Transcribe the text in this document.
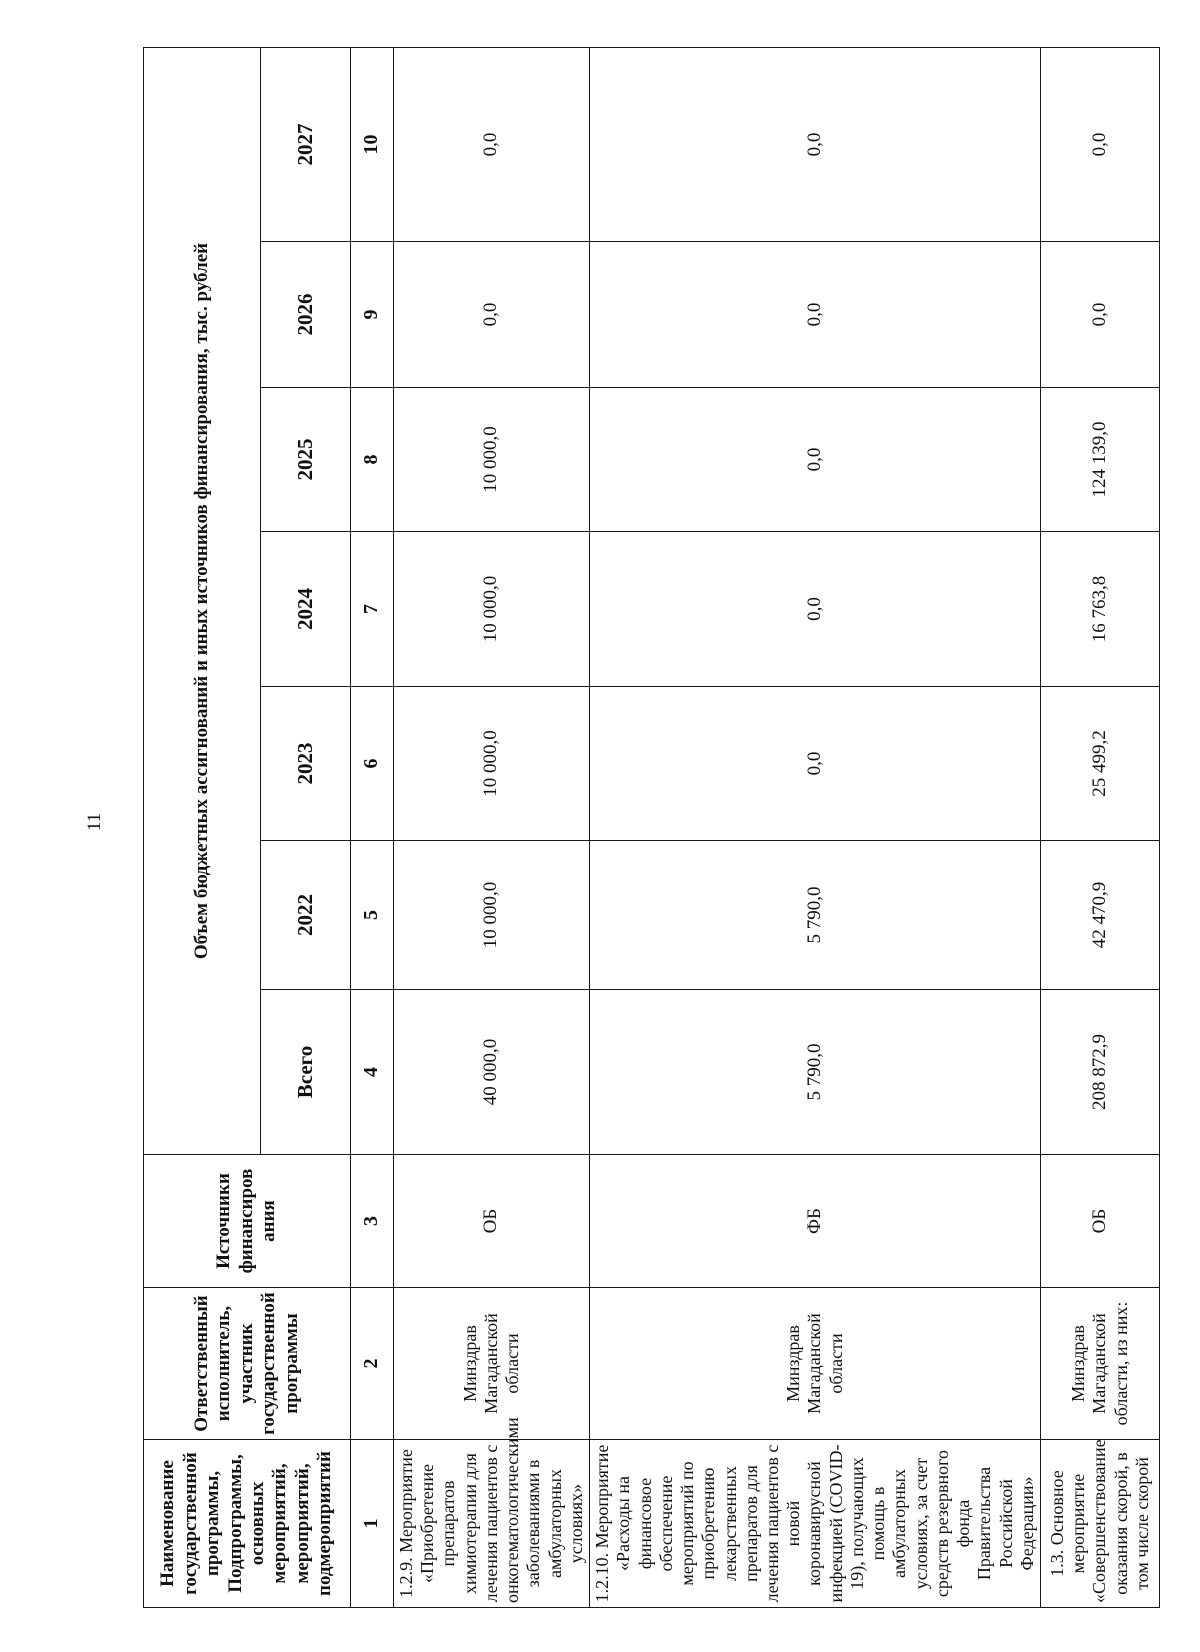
11
Наименование государственной программы, Подпрограммы, основных мероприятий, мероприятий, подмероприятий	Ответственный исполнитель, участник государственной программы	Источники финансиров ания	Объем бюджетных ассигнований и иных источников финансирования, тыс. рублей						
			Всего	2022	2023	2024	2025	2026	2027
1	2	3	4	5	6	7	8	9	10
1.2.9. Мероприятие «Приобретение препаратов химиотерапии для лечения пациентов с онкогематологическими заболеваниями в амбулаторных условиях»	Минздрав Магаданской области	ОБ	40 000,0	10 000,0	10 000,0	10 000,0	10 000,0	0,0	0,0
1.2.10. Мероприятие «Расходы на финансовое обеспечение мероприятий по приобретению лекарственных препаратов для лечения пациентов с новой коронавирусной инфекцией (COVID-19), получающих помощь в амбулаторных условиях, за счет средств резервного фонда Правительства Российской Федерации»	Минздрав Магаданской области	ФБ	5 790,0	5 790,0	0,0	0,0	0,0	0,0	0,0
1.3. Основное мероприятие «Совершенствование оказания скорой, в том числе скорой	Минздрав Магаданской области, из них:	ОБ	208 872,9	42 470,9	25 499,2	16 763,8	124 139,0	0,0	0,0
